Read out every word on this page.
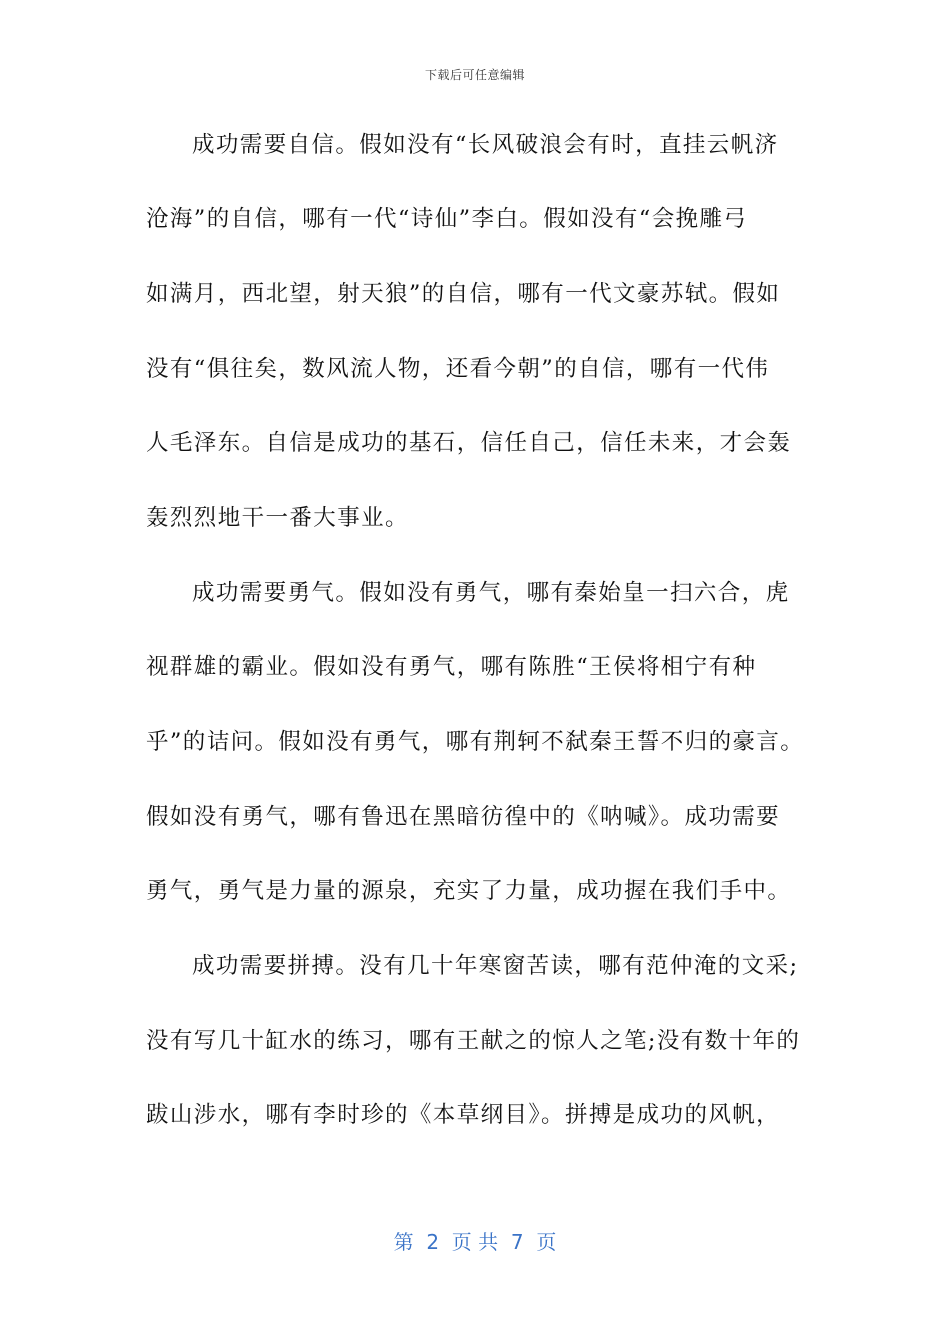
下载后可任意编辑
成功需要自信。假如没有“长风破浪会有时，直挂云帆济
沧海”的自信，哪有一代“诗仙”李白。假如没有“会挽雕弓
如满月，西北望，射天狼”的自信，哪有一代文豪苏轼。假如
没有“俱往矣，数风流人物，还看今朝”的自信，哪有一代伟
人毛泽东。自信是成功的基石，信任自己，信任未来，才会轰
轰烈烈地干一番大事业。
成功需要勇气。假如没有勇气，哪有秦始皇一扫六合，虎
视群雄的霸业。假如没有勇气，哪有陈胜“王侯将相宁有种
乎”的诘问。假如没有勇气，哪有荆轲不弑秦王誓不归的豪言。
假如没有勇气，哪有鲁迅在黑暗彷徨中的《呐喊》。成功需要
勇气，勇气是力量的源泉，充实了力量，成功握在我们手中。
成功需要拼搏。没有几十年寒窗苦读，哪有范仲淹的文采;
没有写几十缸水的练习，哪有王献之的惊人之笔;没有数十年的
跋山涉水，哪有李时珍的《本草纲目》。拼搏是成功的风帆，
第  2  页 共  7  页
